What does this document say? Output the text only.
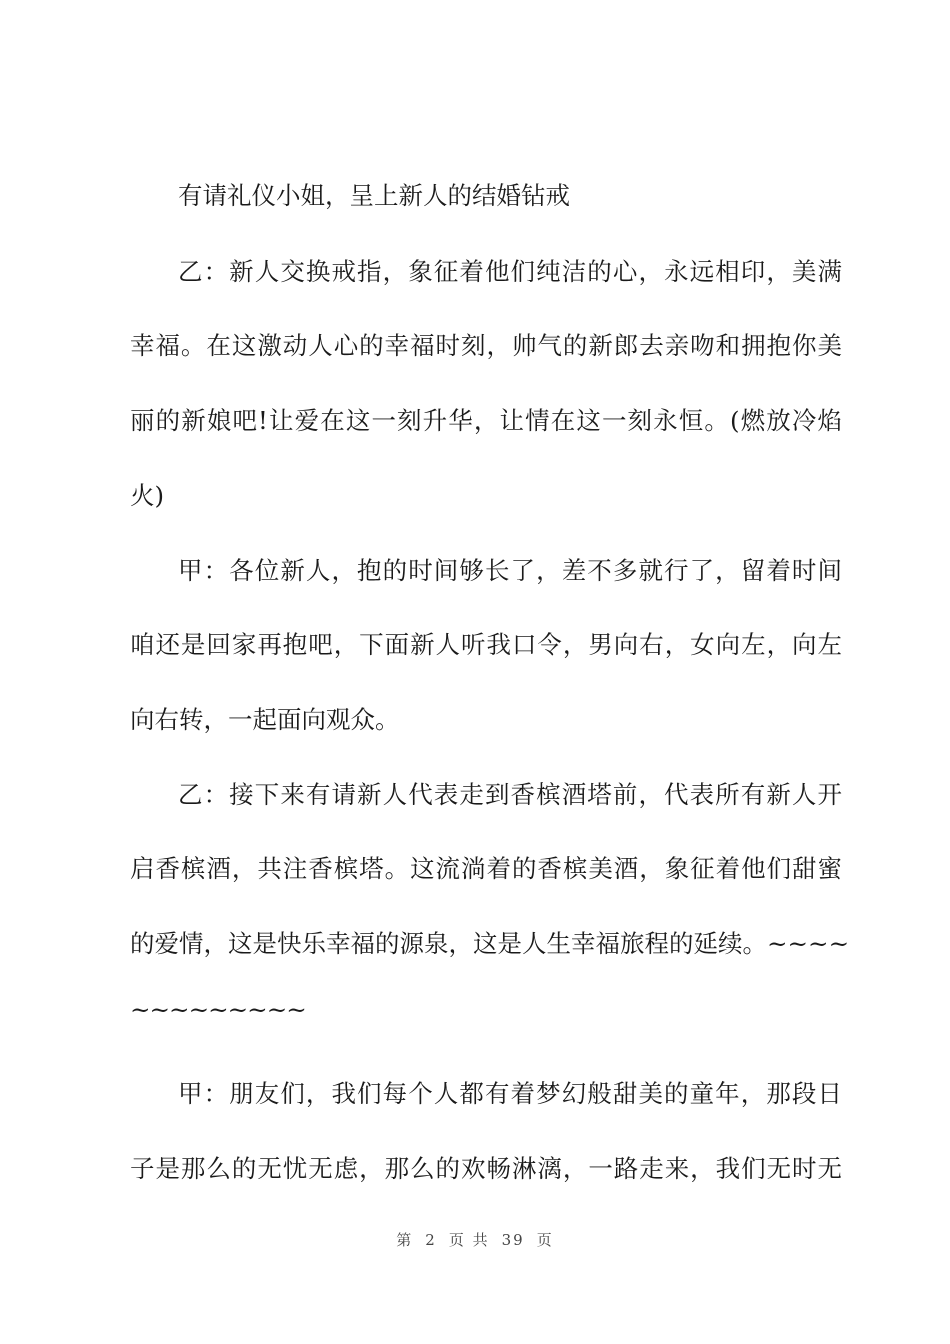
有请礼仪小姐，呈上新人的结婚钻戒
乙：新人交换戒指，象征着他们纯洁的心，永远相印，美满
幸福。在这激动人心的幸福时刻，帅气的新郎去亲吻和拥抱你美
丽的新娘吧!让爱在这一刻升华，让情在这一刻永恒。(燃放冷焰
火)
甲：各位新人，抱的时间够长了，差不多就行了，留着时间
咱还是回家再抱吧，下面新人听我口令，男向右，女向左，向左
向右转，一起面向观众。
乙：接下来有请新人代表走到香槟酒塔前，代表所有新人开
启香槟酒，共注香槟塔。这流淌着的香槟美酒，象征着他们甜蜜
的爱情，这是快乐幸福的源泉，这是人生幸福旅程的延续。~~~~
~~~~~~~~~
甲：朋友们，我们每个人都有着梦幻般甜美的童年，那段日
子是那么的无忧无虑，那么的欢畅淋漓，一路走来，我们无时无
第 2 页 共 39 页
